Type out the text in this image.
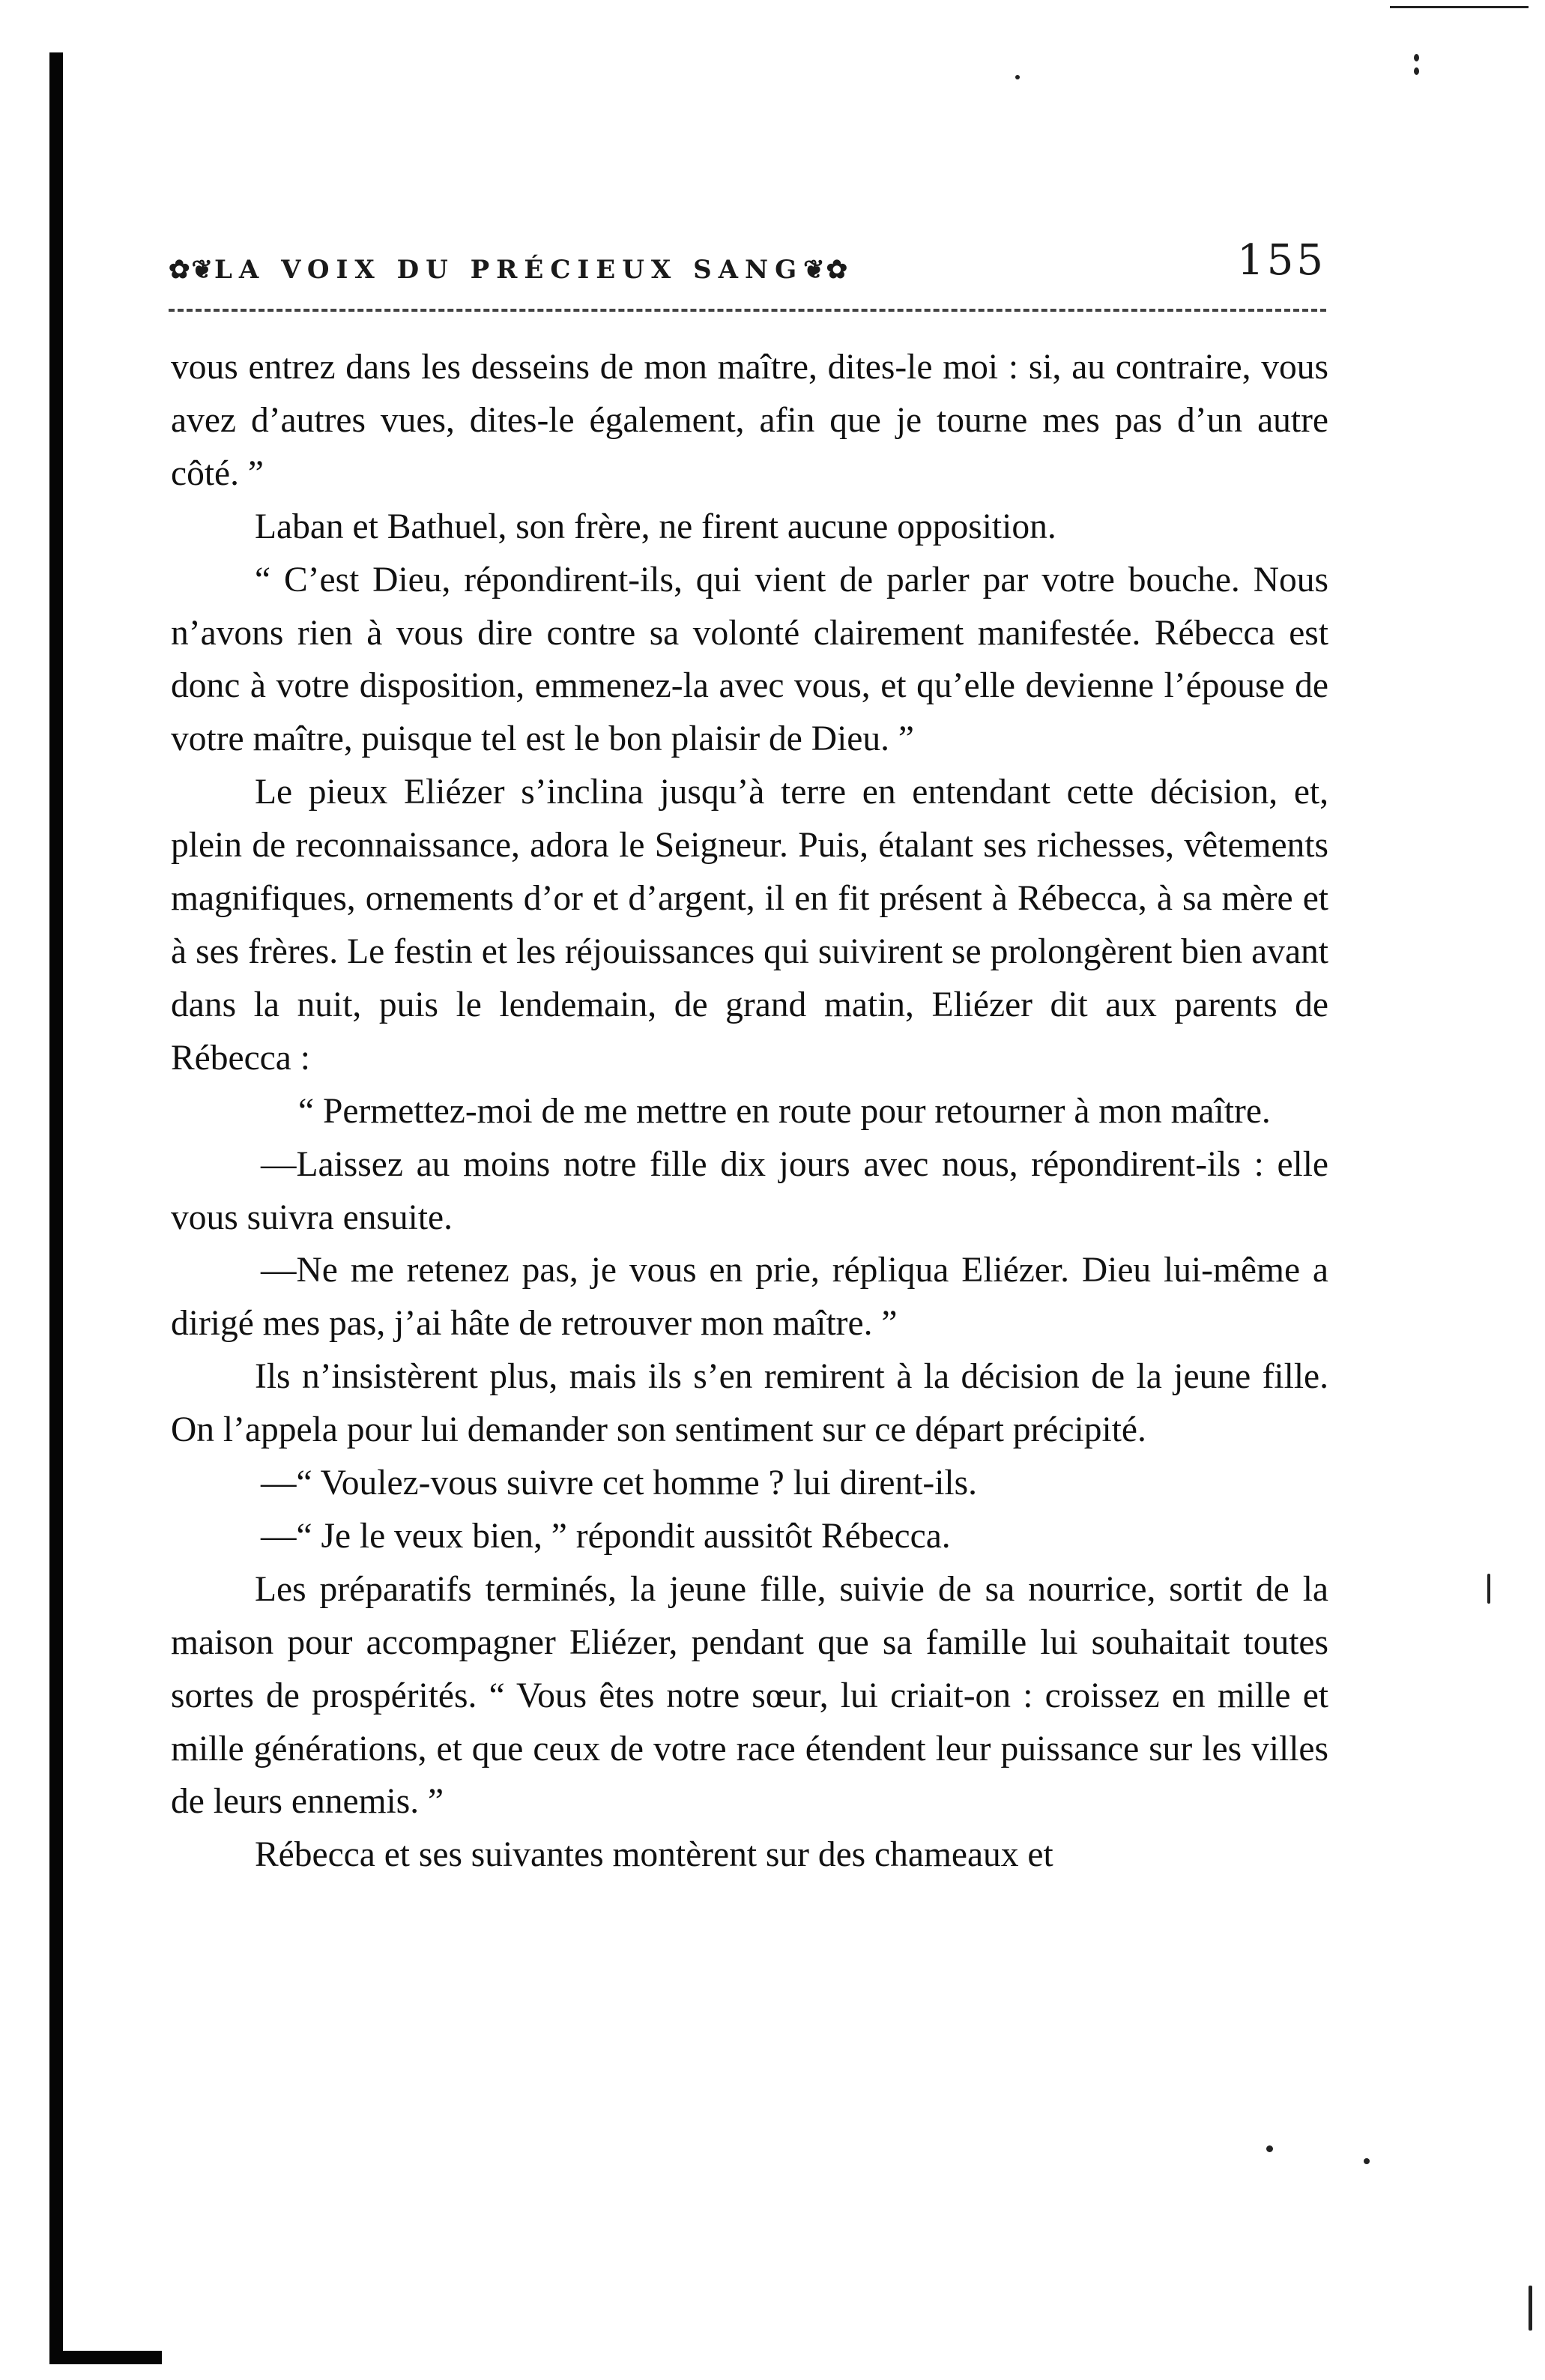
✿❦LA VOIX DU PRÉCIEUX SANG❦✿	155

vous entrez dans les desseins de mon maître, dites-le moi : si, au contraire, vous avez d’autres vues, dites-le également, afin que je tourne mes pas d’un autre côté. ”

Laban et Bathuel, son frère, ne firent aucune opposition.

“ C’est Dieu, répondirent-ils, qui vient de parler par votre bouche. Nous n’avons rien à vous dire contre sa volonté clairement manifestée. Rébecca est donc à votre disposition, emmenez-la avec vous, et qu’elle devienne l’épouse de votre maître, puisque tel est le bon plaisir de Dieu. ”

Le pieux Eliézer s’inclina jusqu’à terre en entendant cette décision, et, plein de reconnaissance, adora le Seigneur. Puis, étalant ses richesses, vêtements magnifiques, ornements d’or et d’argent, il en fit présent à Rébecca, à sa mère et à ses frères. Le festin et les réjouissances qui suivirent se prolongèrent bien avant dans la nuit, puis le lendemain, de grand matin, Eliézer dit aux parents de Rébecca :

“ Permettez-moi de me mettre en route pour retourner à mon maître.

—Laissez au moins notre fille dix jours avec nous, répondirent-ils : elle vous suivra ensuite.

—Ne me retenez pas, je vous en prie, répliqua Eliézer. Dieu lui-même a dirigé mes pas, j’ai hâte de retrouver mon maître. ”

Ils n’insistèrent plus, mais ils s’en remirent à la décision de la jeune fille. On l’appela pour lui demander son sentiment sur ce départ précipité.

—“ Voulez-vous suivre cet homme ? lui dirent-ils.

—“ Je le veux bien, ” répondit aussitôt Rébecca.

Les préparatifs terminés, la jeune fille, suivie de sa nourrice, sortit de la maison pour accompagner Eliézer, pendant que sa famille lui souhaitait toutes sortes de prospérités. “ Vous êtes notre sœur, lui criait-on : croissez en mille et mille générations, et que ceux de votre race étendent leur puissance sur les villes de leurs ennemis. ”

Rébecca et ses suivantes montèrent sur des chameaux et
